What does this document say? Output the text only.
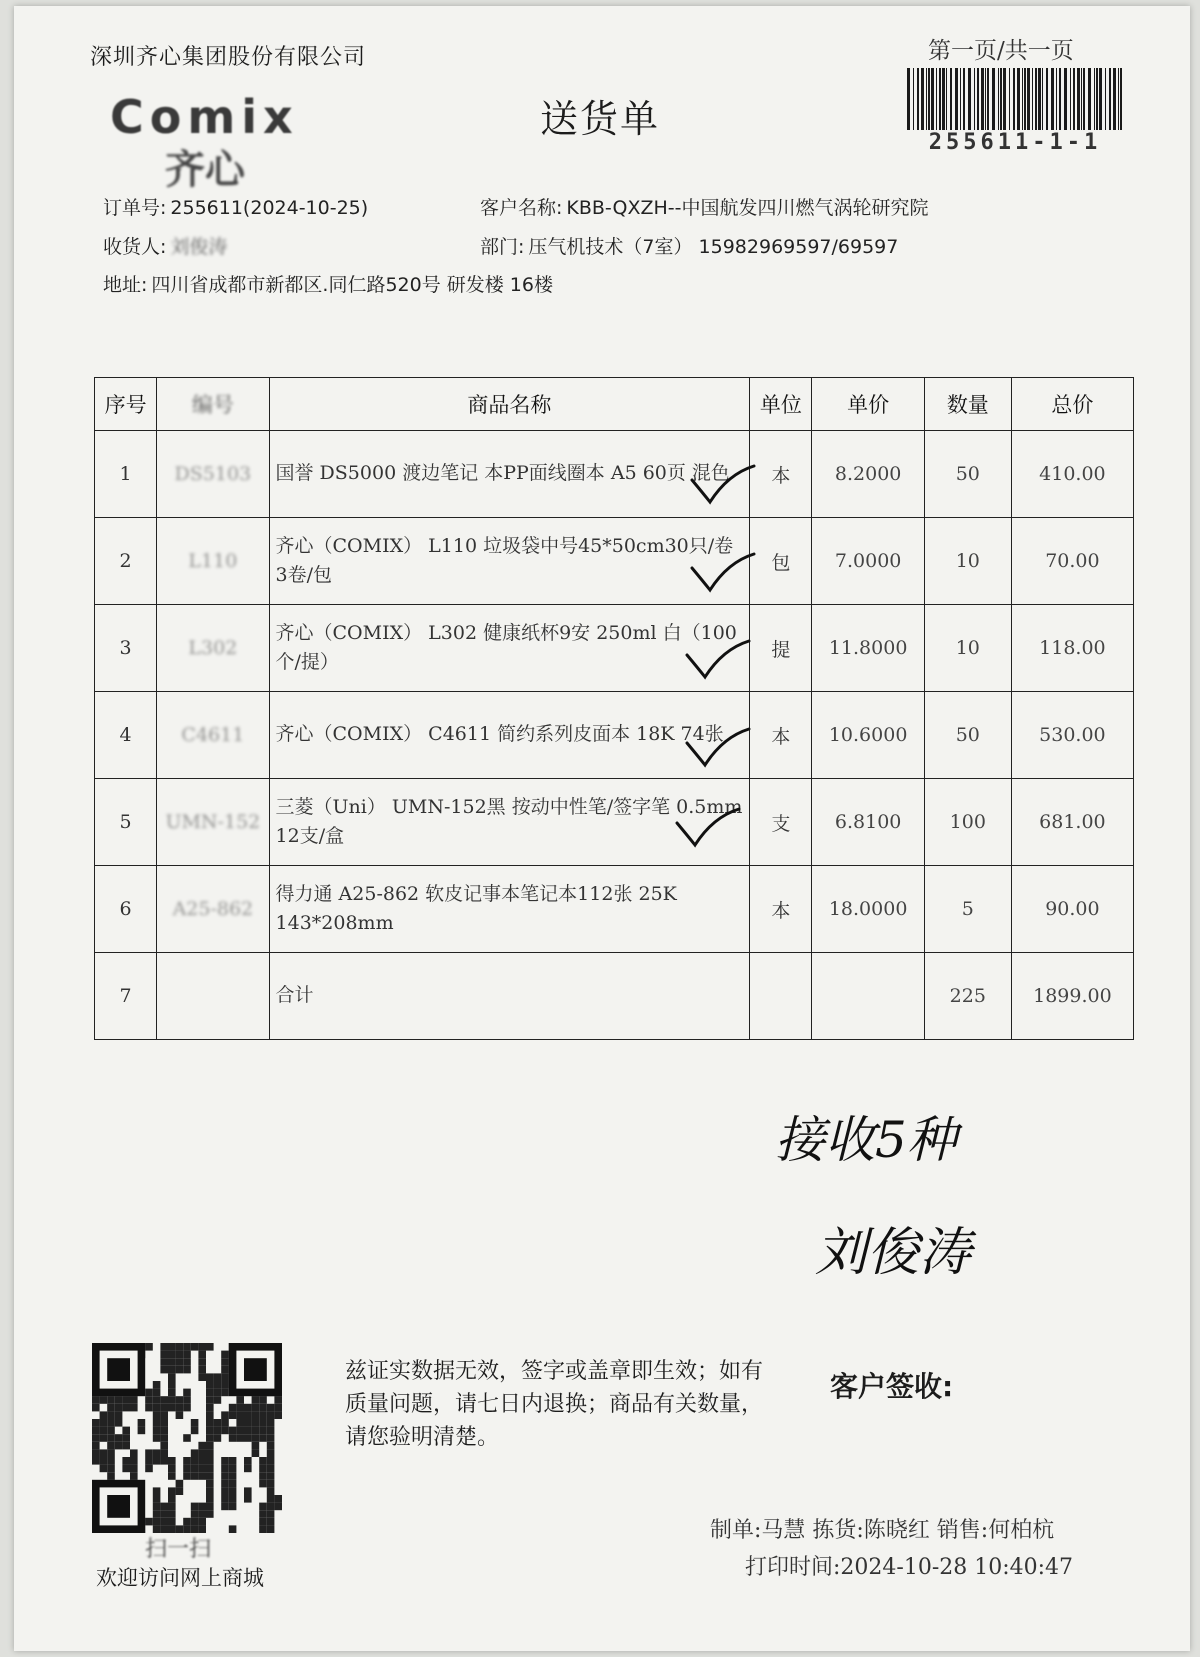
深圳齐心集团股份有限公司	第一页/共一页
255611-1-1
Comix
齐心
送货单
订单号: 255611(2024-10-25)	客户名称: KBB-QXZH--中国航发四川燃气涡轮研究院
收货人: 刘俊涛	部门: 压气机技术（7室） 15982969597/69597
地址: 四川省成都市新都区.同仁路520号 研发楼 16楼
序号	编号	商品名称	单位	单价	数量	总价
1	DS5103	国誉 DS5000 渡边笔记 本PP面线圈本 A5 60页 混色	本	8.2000	50	410.00
2	L110	齐心（COMIX） L110 垃圾袋中号45*50cm30只/卷3卷/包	包	7.0000	10	70.00
3	L302	齐心（COMIX） L302 健康纸杯9安 250ml 白（100个/提）	提	11.8000	10	118.00
4	C4611	齐心（COMIX） C4611 简约系列皮面本 18K 74张	本	10.6000	50	530.00
5	UMN-152	三菱（Uni） UMN-152黑 按动中性笔/签字笔 0.5mm 12支/盒	支	6.8100	100	681.00
6	A25-862	得力通 A25-862 软皮记事本笔记本112张 25K 143*208mm	本	18.0000	5	90.00
7		合计			225	1899.00
接收5种
刘俊涛
扫一扫
欢迎访问网上商城
兹证实数据无效，签字或盖章即生效；如有质量问题，请七日内退换；商品有关数量，请您验明清楚。
客户签收:
制单:马慧 拣货:陈晓红 销售:何柏杭
打印时间:2024-10-28 10:40:47
